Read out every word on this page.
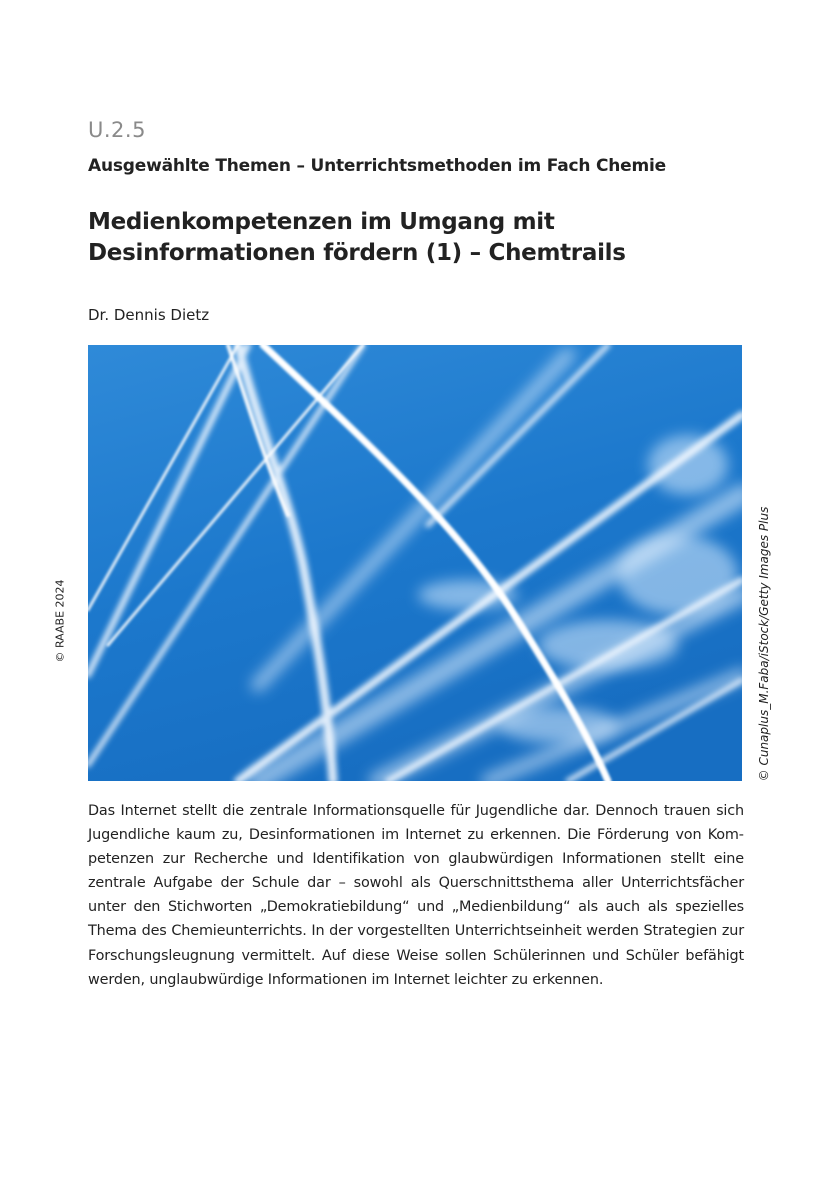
U.2.5

Ausgewählte Themen – Unterrichtsmethoden im Fach Chemie

Medienkompetenzen im Umgang mit Desinformationen fördern (1) – Chemtrails

Dr. Dennis Dietz

© RAABE 2024	© Cunaplus_M.Faba/iStock/Getty Images Plus

Das Internet stellt die zentrale Informationsquelle für Jugendliche dar. Dennoch trauen sich Jugendliche kaum zu, Desinformationen im Internet zu erkennen. Die Förderung von Kompetenzen zur Recherche und Identifikation von glaubwürdigen Informationen stellt eine zentrale Aufgabe der Schule dar – sowohl als Querschnittsthema aller Unterrichtsfächer unter den Stichworten „Demokratiebildung“ und „Medienbildung“ als auch als spezielles Thema des Chemieunterrichts. In der vorgestellten Unterrichtseinheit werden Strategien zur Forschungsleugnung vermittelt. Auf diese Weise sollen Schülerinnen und Schüler befähigt werden, unglaubwürdige Informationen im Internet leichter zu erkennen.
